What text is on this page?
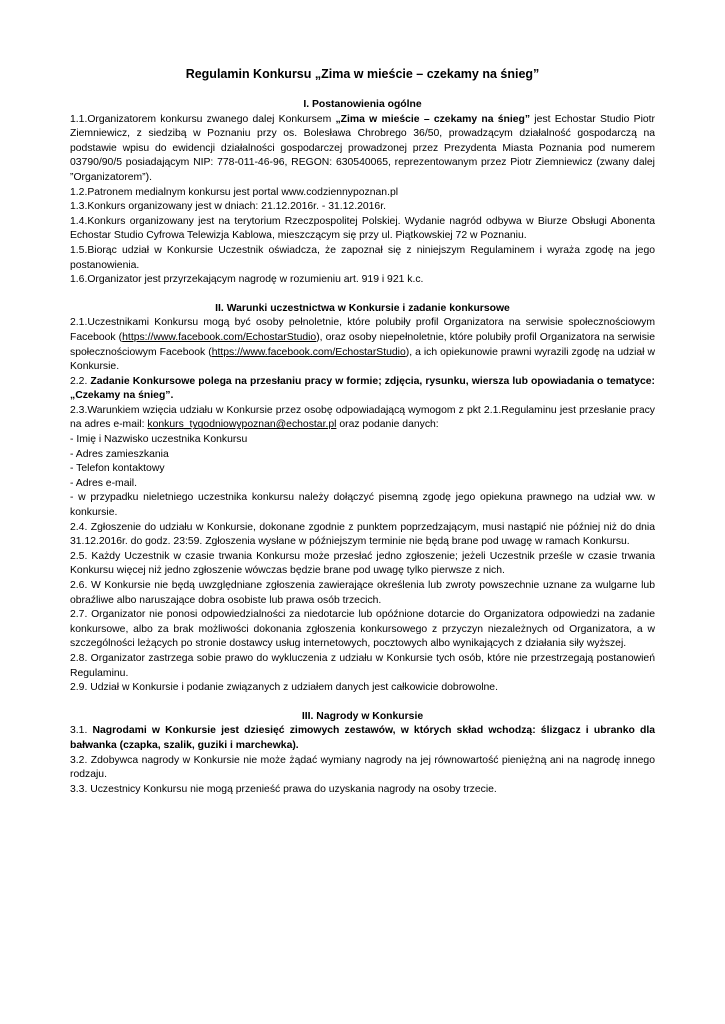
Regulamin Konkursu „Zima w mieście – czekamy na śnieg”
I. Postanowienia ogólne

1.1.Organizatorem konkursu zwanego dalej Konkursem „Zima w mieście – czekamy na śnieg” jest Echostar Studio Piotr Ziemniewicz, z siedzibą w Poznaniu przy os. Bolesława Chrobrego 36/50, prowadzącym działalność gospodarczą na podstawie wpisu do ewidencji działalności gospodarczej prowadzonej przez Prezydenta Miasta Poznania pod numerem 03790/90/5 posiadającym NIP: 778-011-46-96, REGON: 630540065, reprezentowanym przez Piotr Ziemniewicz (zwany dalej ”Organizatorem”).

1.2.Patronem medialnym konkursu jest portal www.codziennypoznan.pl

1.3.Konkurs organizowany jest w dniach: 21.12.2016r. - 31.12.2016r.

1.4.Konkurs organizowany jest na terytorium Rzeczpospolitej Polskiej. Wydanie nagród odbywa w Biurze Obsługi Abonenta Echostar Studio Cyfrowa Telewizja Kablowa, mieszczącym się przy ul. Piątkowskiej 72 w Poznaniu.

1.5.Biorąc udział w Konkursie Uczestnik oświadcza, że zapoznał się z niniejszym Regulaminem i wyraża zgodę na jego postanowienia.

1.6.Organizator jest przyrzekającym nagrodę w rozumieniu art. 919 i 921 k.c.

II. Warunki uczestnictwa w Konkursie i zadanie konkursowe

2.1.Uczestnikami Konkursu mogą być osoby pełnoletnie, które polubiły profil Organizatora na serwisie społecznościowym Facebook (https://www.facebook.com/EchostarStudio), oraz osoby niepełnoletnie, które polubiły profil Organizatora na serwisie społecznościowym Facebook (https://www.facebook.com/EchostarStudio), a ich opiekunowie prawni wyrazili zgodę na udział w Konkursie.

2.2. Zadanie Konkursowe polega na przesłaniu pracy w formie; zdjęcia, rysunku, wiersza lub opowiadania o tematyce: „Czekamy na śnieg”.

2.3.Warunkiem wzięcia udziału w Konkursie przez osobę odpowiadającą wymogom z pkt 2.1.Regulaminu jest przesłanie pracy na adres e-mail: konkurs_tygodniowypoznan@echostar.pl oraz podanie danych:

- Imię i Nazwisko uczestnika Konkursu

- Adres zamieszkania

- Telefon kontaktowy

- Adres e-mail.

- w przypadku nieletniego uczestnika konkursu należy dołączyć pisemną zgodę jego opiekuna prawnego na udział ww. w konkursie.

2.4. Zgłoszenie do udziału w Konkursie, dokonane zgodnie z punktem poprzedzającym, musi nastąpić nie później niż do dnia 31.12.2016r. do godz. 23:59. Zgłoszenia wysłane w późniejszym terminie nie będą brane pod uwagę w ramach Konkursu.

2.5. Każdy Uczestnik w czasie trwania Konkursu może przesłać jedno zgłoszenie; jeżeli Uczestnik prześle w czasie trwania Konkursu więcej niż jedno zgłoszenie wówczas będzie brane pod uwagę tylko pierwsze z nich.

2.6. W Konkursie nie będą uwzględniane zgłoszenia zawierające określenia lub zwroty powszechnie uznane za wulgarne lub obraźliwe albo naruszające dobra osobiste lub prawa osób trzecich.

2.7. Organizator nie ponosi odpowiedzialności za niedotarcie lub opóźnione dotarcie do Organizatora odpowiedzi na zadanie konkursowe, albo za brak możliwości dokonania zgłoszenia konkursowego z przyczyn niezależnych od Organizatora, a w szczególności leżących po stronie dostawcy usług internetowych, pocztowych albo wynikających z działania siły wyższej.

2.8. Organizator zastrzega sobie prawo do wykluczenia z udziału w Konkursie tych osób, które nie przestrzegają postanowień Regulaminu.

2.9. Udział w Konkursie i podanie związanych z udziałem danych jest całkowicie dobrowolne.

III. Nagrody w Konkursie

3.1. Nagrodami w Konkursie jest dziesięć zimowych zestawów, w których skład wchodzą: ślizgacz i ubranko dla bałwanka (czapka, szalik, guziki i marchewka).

3.2. Zdobywca nagrody w Konkursie nie może żądać wymiany nagrody na jej równowartość pieniężną ani na nagrodę innego rodzaju.

3.3. Uczestnicy Konkursu nie mogą przenieść prawa do uzyskania nagrody na osoby trzecie.
